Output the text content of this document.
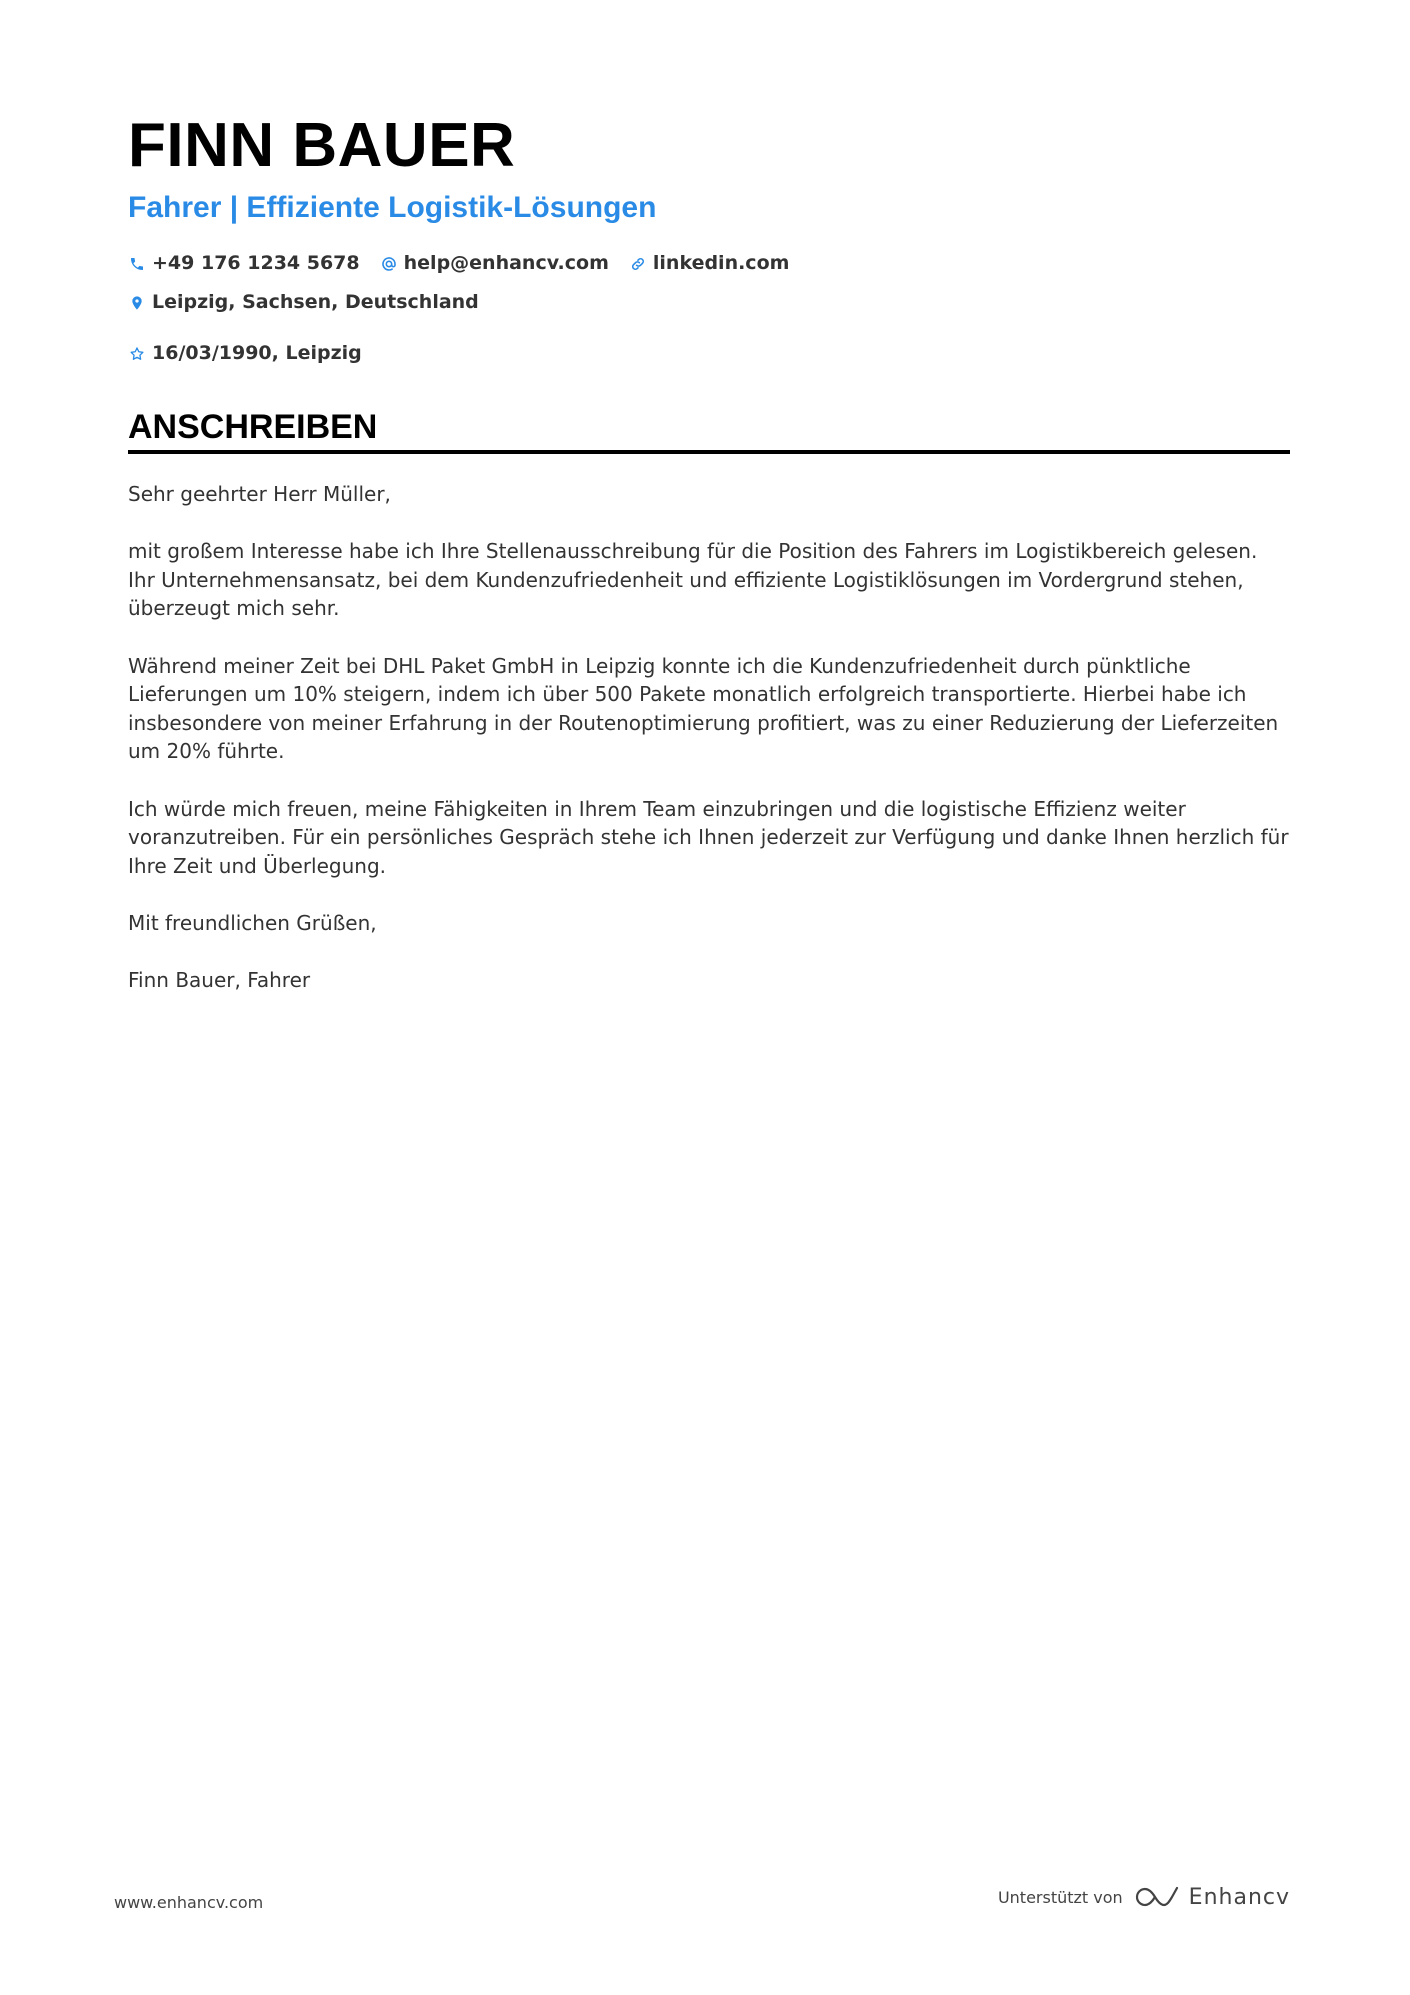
FINN BAUER
Fahrer | Effiziente Logistik-Lösungen
+49 176 1234 5678 help@enhancv.com linkedin.com
Leipzig, Sachsen, Deutschland
16/03/1990, Leipzig
ANSCHREIBEN

Sehr geehrter Herr Müller,

mit großem Interesse habe ich Ihre Stellenausschreibung für die Position des Fahrers im Logistikbereich gelesen. Ihr Unternehmensansatz, bei dem Kundenzufriedenheit und effiziente Logistiklösungen im Vordergrund stehen, überzeugt mich sehr.

Während meiner Zeit bei DHL Paket GmbH in Leipzig konnte ich die Kundenzufriedenheit durch pünktliche Lieferungen um 10% steigern, indem ich über 500 Pakete monatlich erfolgreich transportierte. Hierbei habe ich insbesondere von meiner Erfahrung in der Routenoptimierung profitiert, was zu einer Reduzierung der Lieferzeiten um 20% führte.

Ich würde mich freuen, meine Fähigkeiten in Ihrem Team einzubringen und die logistische Effizienz weiter voranzutreiben. Für ein persönliches Gespräch stehe ich Ihnen jederzeit zur Verfügung und danke Ihnen herzlich für Ihre Zeit und Überlegung.

Mit freundlichen Grüßen,

Finn Bauer, Fahrer

www.enhancv.com	Unterstützt von	Enhancv
